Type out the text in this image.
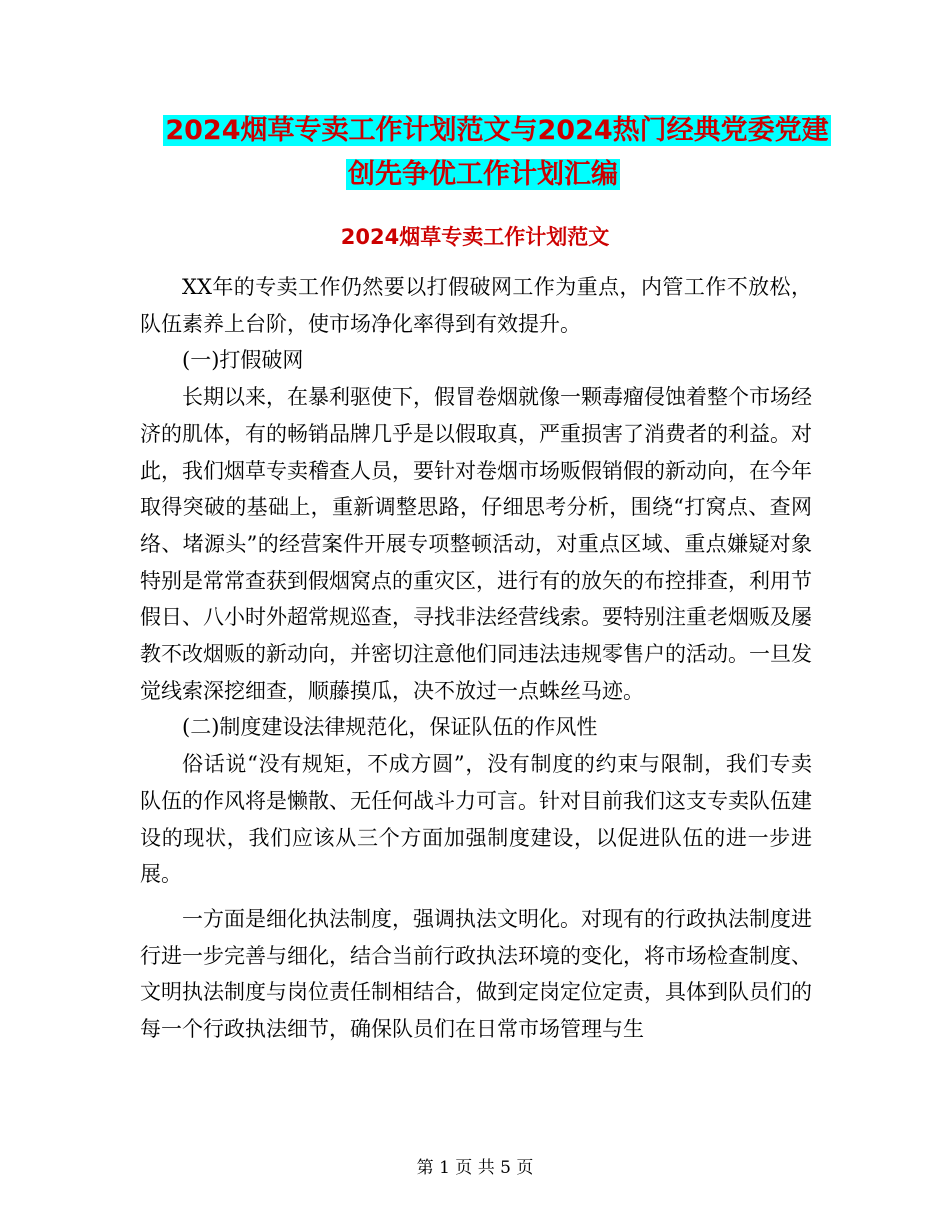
2024烟草专卖工作计划范文与2024热门经典党委党建
创先争优工作计划汇编
2024烟草专卖工作计划范文

XX年的专卖工作仍然要以打假破网工作为重点，内管工作不放松，队伍素养上台阶，使市场净化率得到有效提升。

(一)打假破网

长期以来，在暴利驱使下，假冒卷烟就像一颗毒瘤侵蚀着整个市场经济的肌体，有的畅销品牌几乎是以假取真，严重损害了消费者的利益。对此，我们烟草专卖稽查人员，要针对卷烟市场贩假销假的新动向，在今年取得突破的基础上，重新调整思路，仔细思考分析，围绕“打窝点、查网络、堵源头”的经营案件开展专项整顿活动，对重点区域、重点嫌疑对象特别是常常查获到假烟窝点的重灾区，进行有的放矢的布控排查，利用节假日、八小时外超常规巡查，寻找非法经营线索。要特别注重老烟贩及屡教不改烟贩的新动向，并密切注意他们同违法违规零售户的活动。一旦发觉线索深挖细查，顺藤摸瓜，决不放过一点蛛丝马迹。

(二)制度建设法律规范化，保证队伍的作风性

俗话说“没有规矩，不成方圆”，没有制度的约束与限制，我们专卖队伍的作风将是懒散、无任何战斗力可言。针对目前我们这支专卖队伍建设的现状，我们应该从三个方面加强制度建设，以促进队伍的进一步进展。

一方面是细化执法制度，强调执法文明化。对现有的行政执法制度进行进一步完善与细化，结合当前行政执法环境的变化，将市场检查制度、文明执法制度与岗位责任制相结合，做到定岗定位定责，具体到队员们的每一个行政执法细节，确保队员们在日常市场管理与生

第 1 页 共 5 页
